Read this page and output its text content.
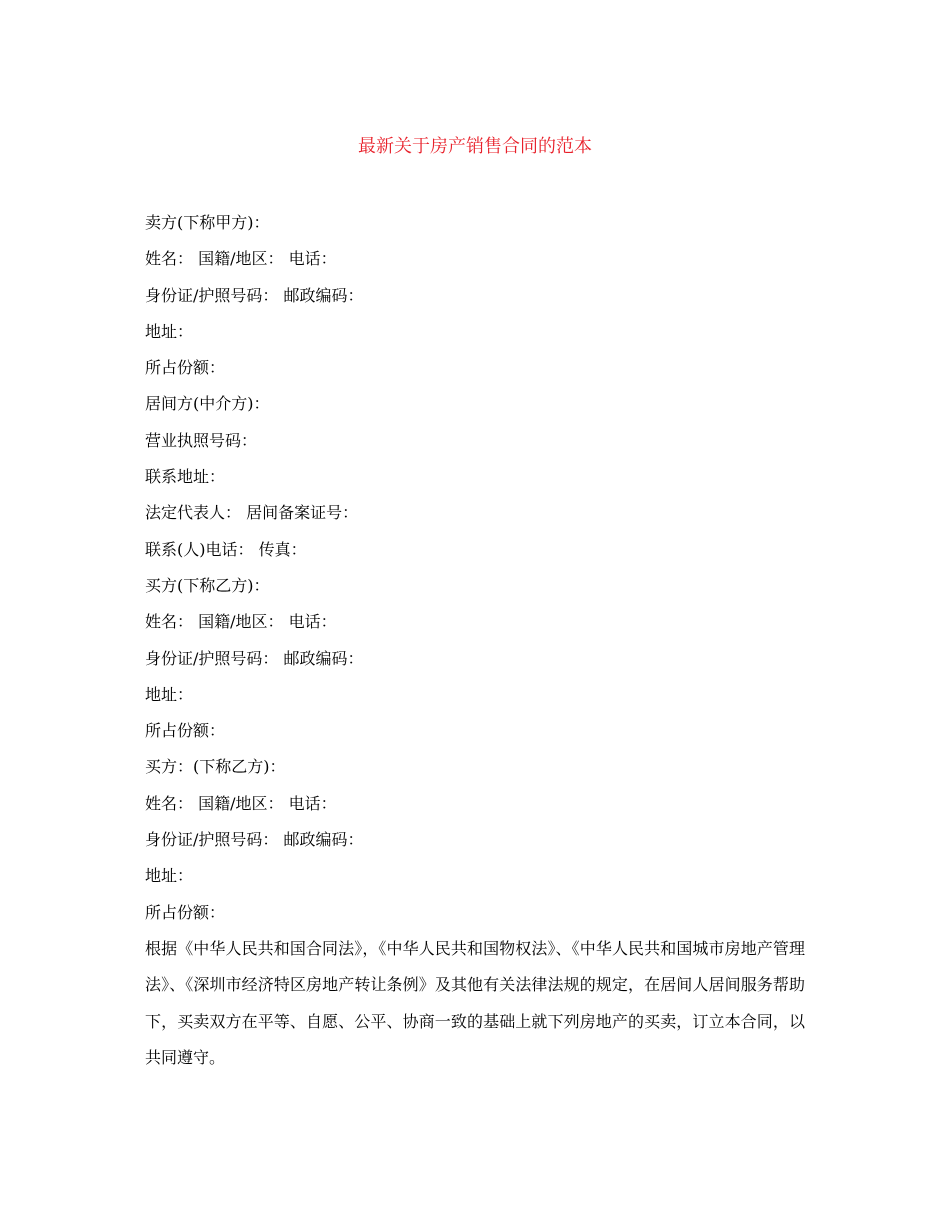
最新关于房产销售合同的范本
卖方(下称甲方)：
姓名： 国籍/地区： 电话：
身份证/护照号码： 邮政编码：
地址：
所占份额：
居间方(中介方)：
营业执照号码：
联系地址：
法定代表人： 居间备案证号：
联系(人)电话： 传真：
买方(下称乙方)：
姓名： 国籍/地区： 电话：
身份证/护照号码： 邮政编码：
地址：
所占份额：
买方：(下称乙方)：
姓名： 国籍/地区： 电话：
身份证/护照号码： 邮政编码：
地址：
所占份额：
根据《中华人民共和国合同法》，《中华人民共和国物权法》、《中华人民共和国城市房地产管理法》、《深圳市经济特区房地产转让条例》及其他有关法律法规的规定，在居间人居间服务帮助下，买卖双方在平等、自愿、公平、协商一致的基础上就下列房地产的买卖，订立本合同，以共同遵守。
